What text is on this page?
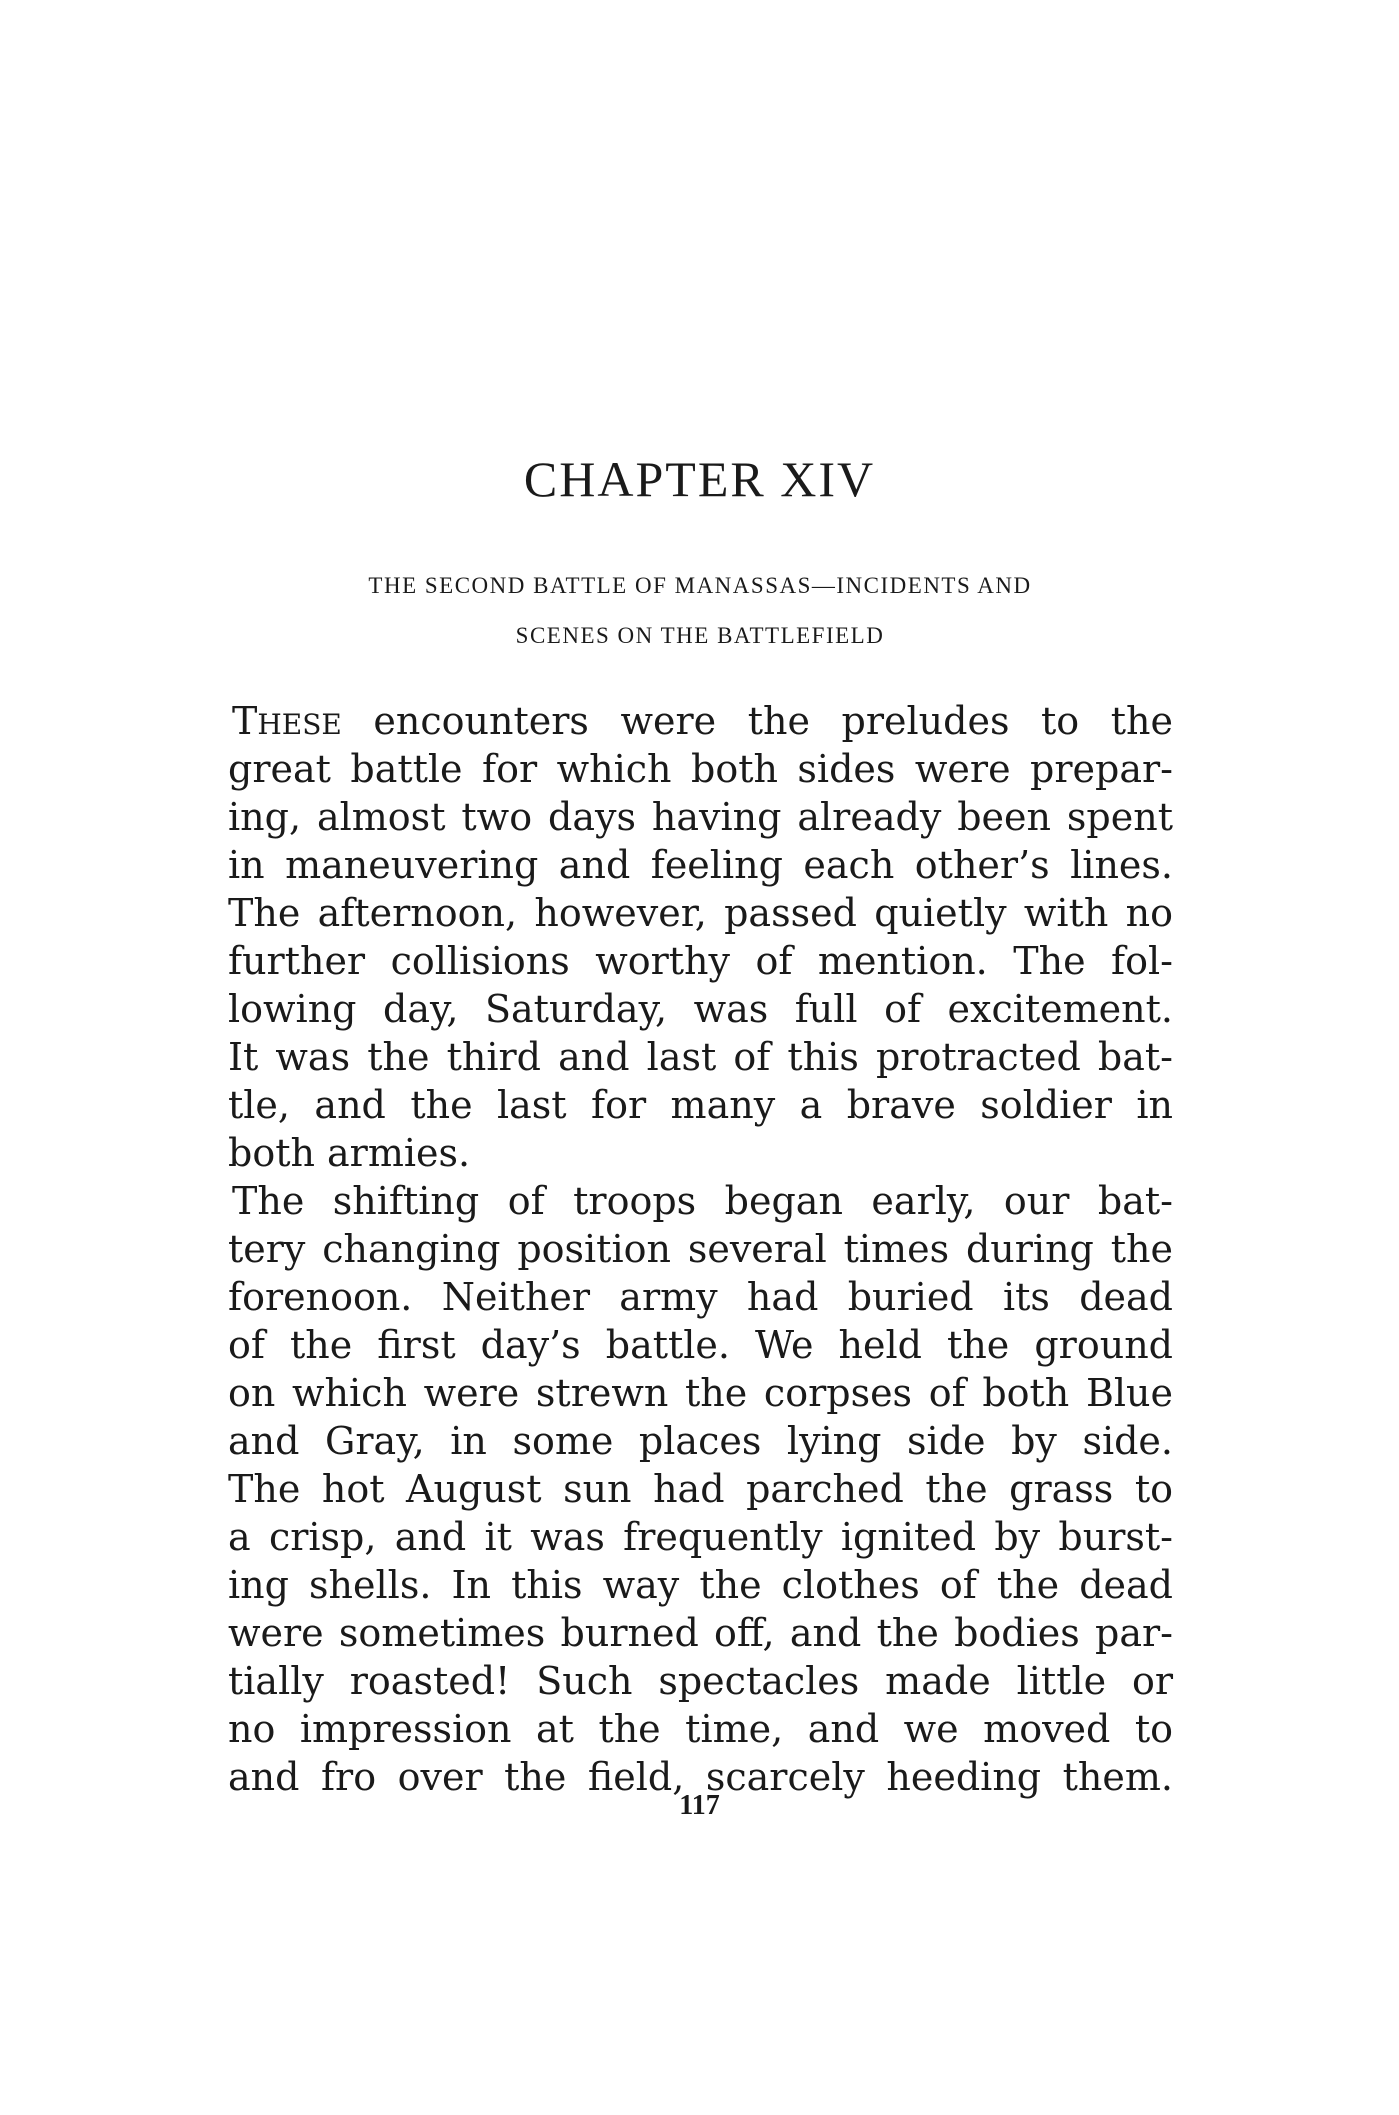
CHAPTER XIV

THE SECOND BATTLE OF MANASSAS—INCIDENTS AND

SCENES ON THE BATTLEFIELD

THESE encounters were the preludes to the
great battle for which both sides were prepar-
ing, almost two days having already been spent
in maneuvering and feeling each other’s lines.
The afternoon, however, passed quietly with no
further collisions worthy of mention. The fol-
lowing day, Saturday, was full of excitement.
It was the third and last of this protracted bat-
tle, and the last for many a brave soldier in
both armies.
The shifting of troops began early, our bat-
tery changing position several times during the
forenoon. Neither army had buried its dead
of the first day’s battle. We held the ground
on which were strewn the corpses of both Blue
and Gray, in some places lying side by side.
The hot August sun had parched the grass to
a crisp, and it was frequently ignited by burst-
ing shells. In this way the clothes of the dead
were sometimes burned off, and the bodies par-
tially roasted! Such spectacles made little or
no impression at the time, and we moved to
and fro over the field, scarcely heeding them.
117
